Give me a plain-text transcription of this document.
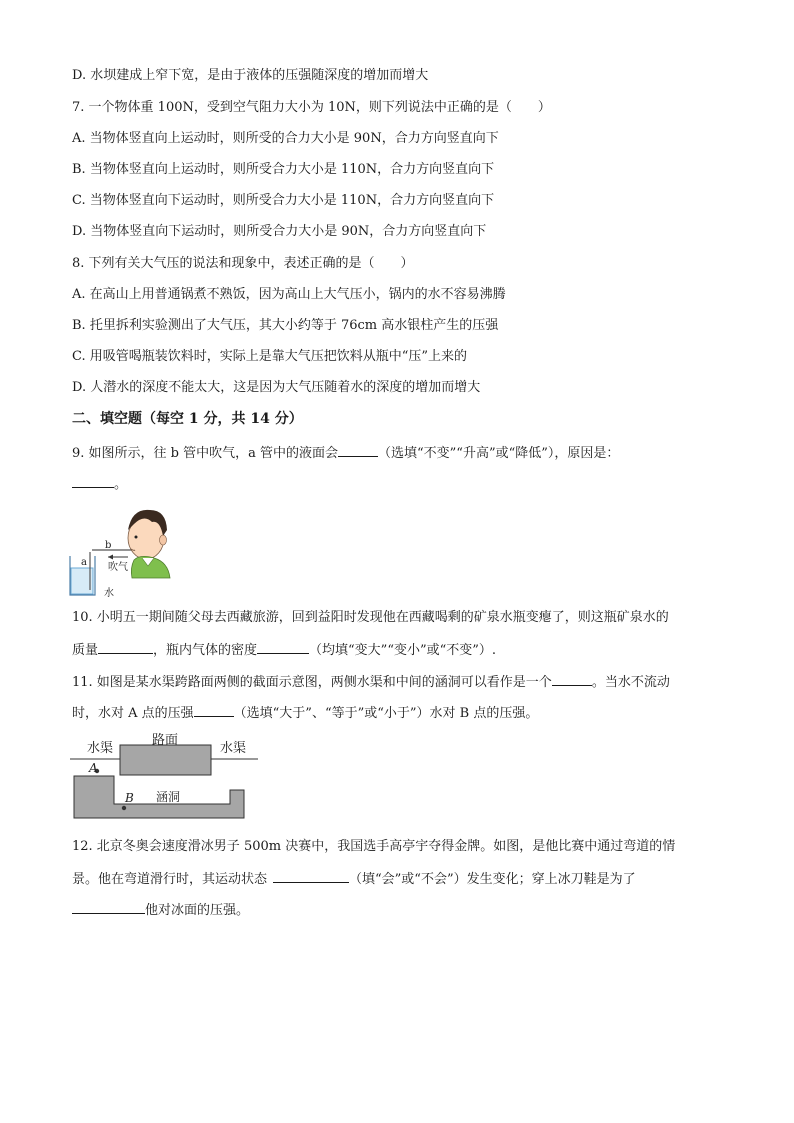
D. 水坝建成上窄下宽，是由于液体的压强随深度的增加而增大
7. 一个物体重 100N，受到空气阻力大小为 10N，则下列说法中正确的是（　　）
A. 当物体竖直向上运动时，则所受的合力大小是 90N，合力方向竖直向下
B. 当物体竖直向上运动时，则所受合力大小是 110N，合力方向竖直向下
C. 当物体竖直向下运动时，则所受合力大小是 110N，合力方向竖直向下
D. 当物体竖直向下运动时，则所受合力大小是 90N，合力方向竖直向下
8. 下列有关大气压的说法和现象中，表述正确的是（　　）
A. 在高山上用普通锅煮不熟饭，因为高山上大气压小，锅内的水不容易沸腾
B. 托里拆利实验测出了大气压，其大小约等于 76cm 高水银柱产生的压强
C. 用吸管喝瓶装饮料时，实际上是靠大气压把饮料从瓶中“压”上来的
D. 人潜水的深度不能太大，这是因为大气压随着水的深度的增加而增大
二、填空题（每空 1 分，共 14 分）
9. 如图所示，往 b 管中吹气，a 管中的液面会	（选填“不变”“升高”或“降低”），原因是：
。
b
a 吹气
水
10. 小明五一期间随父母去西藏旅游，回到益阳时发现他在西藏喝剩的矿泉水瓶变瘪了，则这瓶矿泉水的
质量	，瓶内气体的密度	（均填“变大”“变小”或“不变”）.
11. 如图是某水渠跨路面两侧的截面示意图，两侧水渠和中间的涵洞可以看作是一个	。当水不流动
时，水对 A 点的压强	（选填“大于”、“等于”或“小于”）水对 B 点的压强。
水渠
路面
水渠
A
B 涵洞
12. 北京冬奥会速度滑冰男子 500m 决赛中，我国选手高亭宇夺得金牌。如图，是他比赛中通过弯道的情
景。他在弯道滑行时，其运动状态	（填“会”或“不会”）发生变化；穿上冰刀鞋是为了
他对冰面的压强。
